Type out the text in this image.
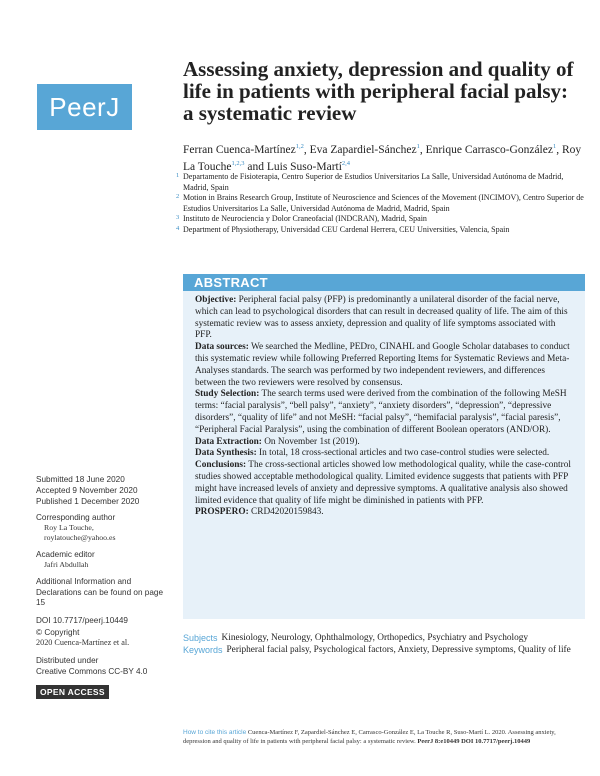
PeerJ
Assessing anxiety, depression and quality of life in patients with peripheral facial palsy: a systematic review
Ferran Cuenca-Martínez$^{1,2}$, Eva Zapardiel-Sánchez$^1$, Enrique Carrasco-González$^1$, Roy La Touche$^{1,2,3}$ and Luis Suso-Martí$^{2,4}$
1 Departamento de Fisioterapia, Centro Superior de Estudios Universitarios La Salle, Universidad Autónoma de Madrid, Madrid, Spain
2 Motion in Brains Research Group, Institute of Neuroscience and Sciences of the Movement (INCIMOV), Centro Superior de Estudios Universitarios La Salle, Universidad Autónoma de Madrid, Madrid, Spain
3 Instituto de Neurociencia y Dolor Craneofacial (INDCRAN), Madrid, Spain
4 Department of Physiotherapy, Universidad CEU Cardenal Herrera, CEU Universities, Valencia, Spain
ABSTRACT

Objective: Peripheral facial palsy (PFP) is predominantly a unilateral disorder of the facial nerve, which can lead to psychological disorders that can result in decreased quality of life. The aim of this systematic review was to assess anxiety, depression and quality of life symptoms associated with PFP.

Data sources: We searched the Medline, PEDro, CINAHL and Google Scholar databases to conduct this systematic review while following Preferred Reporting Items for Systematic Reviews and Meta-Analyses standards. The search was performed by two independent reviewers, and differences between the two reviewers were resolved by consensus.

Study Selection: The search terms used were derived from the combination of the following MeSH terms: “facial paralysis”, “bell palsy”, “anxiety”, “anxiety disorders”, “depression”, “depressive disorders”, “quality of life” and not MeSH: “facial palsy”, “hemifacial paralysis”, “facial paresis”, “Peripheral Facial Paralysis”, using the combination of different Boolean operators (AND/OR).

Data Extraction: On November 1st (2019).

Data Synthesis: In total, 18 cross-sectional articles and two case-control studies were selected.

Conclusions: The cross-sectional articles showed low methodological quality, while the case-control studies showed acceptable methodological quality. Limited evidence suggests that patients with PFP might have increased levels of anxiety and depressive symptoms. A qualitative analysis also showed limited evidence that quality of life might be diminished in patients with PFP.

PROSPERO: CRD42020159843.

Submitted 18 June 2020
Accepted 9 November 2020
Published 1 December 2020
Corresponding author
Roy La Touche,
roylatouche@yahoo.es
Academic editor
Jafri Abdullah
Additional Information and Declarations can be found on page 15
DOI 10.7717/peerj.10449
© Copyright
2020 Cuenca-Martínez et al.
Distributed under
Creative Commons CC-BY 4.0
OPEN ACCESS
Subjects Kinesiology, Neurology, Ophthalmology, Orthopedics, Psychiatry and Psychology
Keywords Peripheral facial palsy, Psychological factors, Anxiety, Depressive symptoms, Quality of life
How to cite this article Cuenca-Martínez F, Zapardiel-Sánchez E, Carrasco-González E, La Touche R, Suso-Martí L. 2020. Assessing anxiety, depression and quality of life in patients with peripheral facial palsy: a systematic review. PeerJ 8:e10449 DOI 10.7717/peerj.10449
